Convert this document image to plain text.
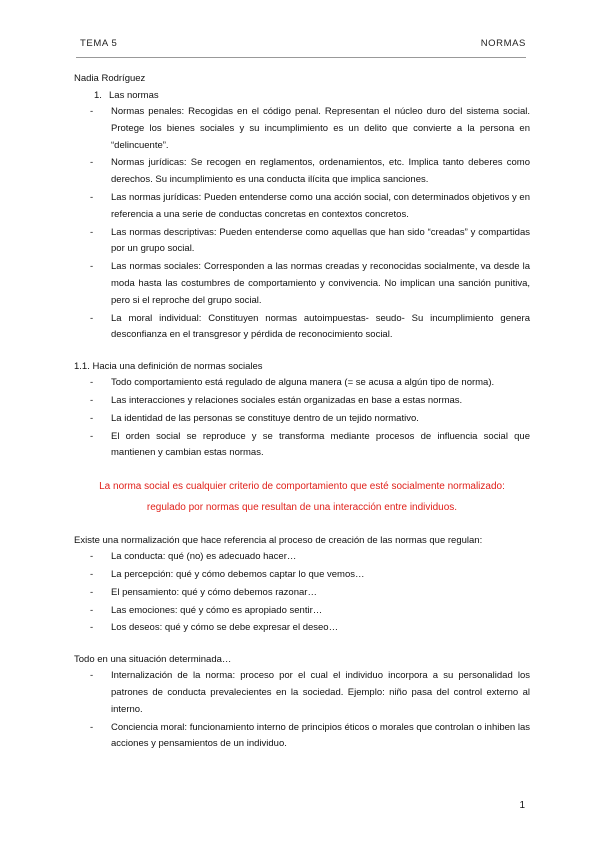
TEMA 5	NORMAS

Nadia Rodríguez

1. Las normas
- Normas penales: Recogidas en el código penal. Representan el núcleo duro del sistema social. Protege los bienes sociales y su incumplimiento es un delito que convierte a la persona en “delincuente”.
- Normas jurídicas: Se recogen en reglamentos, ordenamientos, etc. Implica tanto deberes como derechos. Su incumplimiento es una conducta ilícita que implica sanciones.
- Las normas jurídicas: Pueden entenderse como una acción social, con determinados objetivos y en referencia a una serie de conductas concretas en contextos concretos.
- Las normas descriptivas: Pueden entenderse como aquellas que han sido “creadas” y compartidas por un grupo social.
- Las normas sociales: Corresponden a las normas creadas y reconocidas socialmente, va desde la moda hasta las costumbres de comportamiento y convivencia. No implican una sanción punitiva, pero si el reproche del grupo social.
- La moral individual: Constituyen normas autoimpuestas- seudo- Su incumplimiento genera desconfianza en el transgresor y pérdida de reconocimiento social.

1.1. Hacia una definición de normas sociales

- Todo comportamiento está regulado de alguna manera (= se acusa a algún tipo de norma).
- Las interacciones y relaciones sociales están organizadas en base a estas normas.
- La identidad de las personas se constituye dentro de un tejido normativo.
- El orden social se reproduce y se transforma mediante procesos de influencia social que mantienen y cambian estas normas.

La norma social es cualquier criterio de comportamiento que esté socialmente normalizado:

regulado por normas que resultan de una interacción entre individuos.

Existe una normalización que hace referencia al proceso de creación de las normas que regulan:

- La conducta: qué (no) es adecuado hacer…
- La percepción: qué y cómo debemos captar lo que vemos…
- El pensamiento: qué y cómo debemos razonar…
- Las emociones: qué y cómo es apropiado sentir…
- Los deseos: qué y cómo se debe expresar el deseo…

Todo en una situación determinada…

- Internalización de la norma: proceso por el cual el individuo incorpora a su personalidad los patrones de conducta prevalecientes en la sociedad. Ejemplo: niño pasa del control externo al interno.
- Conciencia moral: funcionamiento interno de principios éticos o morales que controlan o inhiben las acciones y pensamientos de un individuo.
1
